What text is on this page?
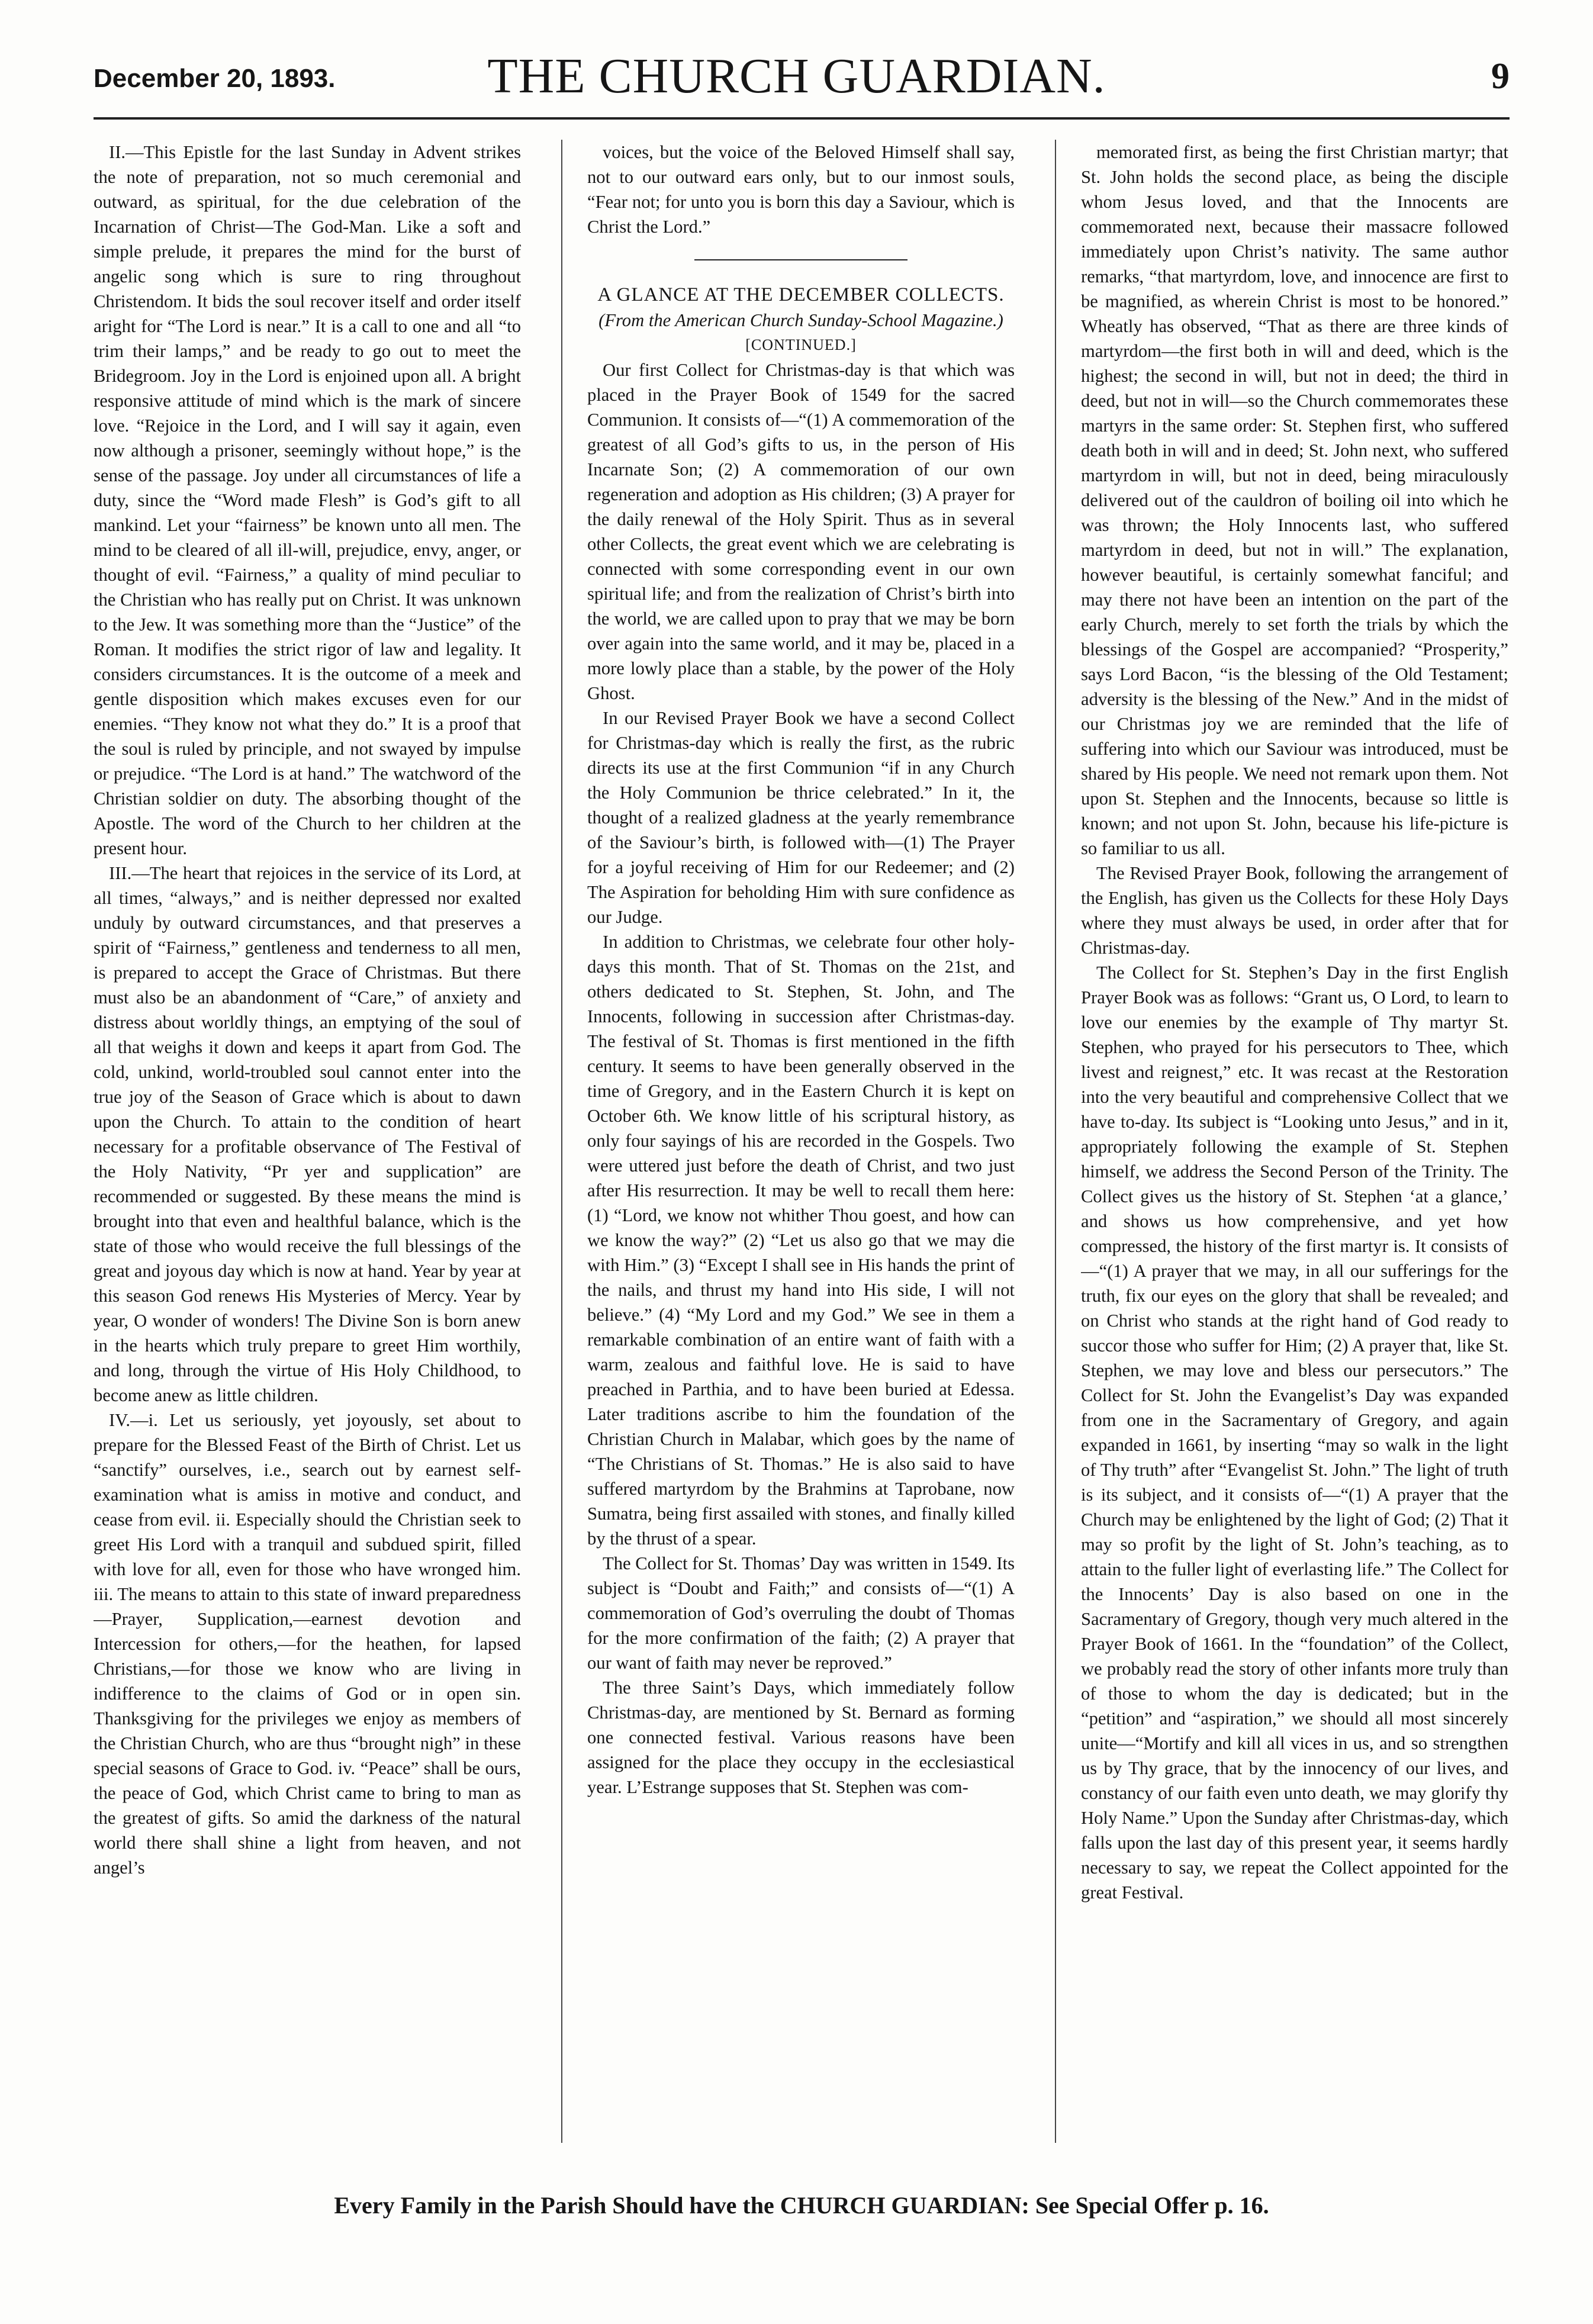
December 20, 1893.	THE CHURCH GUARDIAN.	9

II.—This Epistle for the last Sunday in Advent strikes the note of preparation, not so much ceremonial and outward, as spiritual, for the due celebration of the Incarnation of Christ—The God-Man. Like a soft and simple prelude, it prepares the mind for the burst of angelic song which is sure to ring throughout Christendom. It bids the soul recover itself and order itself aright for “The Lord is near.” It is a call to one and all “to trim their lamps,” and be ready to go out to meet the Bridegroom. Joy in the Lord is enjoined upon all. A bright responsive attitude of mind which is the mark of sincere love. “Rejoice in the Lord, and I will say it again, even now although a prisoner, seemingly without hope,” is the sense of the passage. Joy under all circumstances of life a duty, since the “Word made Flesh” is God’s gift to all mankind. Let your “fairness” be known unto all men. The mind to be cleared of all ill-will, prejudice, envy, anger, or thought of evil. “Fairness,” a quality of mind peculiar to the Christian who has really put on Christ. It was unknown to the Jew. It was something more than the “Justice” of the Roman. It modifies the strict rigor of law and legality. It considers circumstances. It is the outcome of a meek and gentle disposition which makes excuses even for our enemies. “They know not what they do.” It is a proof that the soul is ruled by principle, and not swayed by impulse or prejudice. “The Lord is at hand.” The watchword of the Christian soldier on duty. The absorbing thought of the Apostle. The word of the Church to her children at the present hour.

III.—The heart that rejoices in the service of its Lord, at all times, “always,” and is neither depressed nor exalted unduly by outward circumstances, and that preserves a spirit of “Fairness,” gentleness and tenderness to all men, is prepared to accept the Grace of Christmas. But there must also be an abandonment of “Care,” of anxiety and distress about worldly things, an emptying of the soul of all that weighs it down and keeps it apart from God. The cold, unkind, world-troubled soul cannot enter into the true joy of the Season of Grace which is about to dawn upon the Church. To attain to the condition of heart necessary for a profitable observance of The Festival of the Holy Nativity, “Pr yer and supplication” are recommended or suggested. By these means the mind is brought into that even and healthful balance, which is the state of those who would receive the full blessings of the great and joyous day which is now at hand. Year by year at this season God renews His Mysteries of Mercy. Year by year, O wonder of wonders! The Divine Son is born anew in the hearts which truly prepare to greet Him worthily, and long, through the virtue of His Holy Childhood, to become anew as little children.

IV.—i. Let us seriously, yet joyously, set about to prepare for the Blessed Feast of the Birth of Christ. Let us “sanctify” ourselves, i.e., search out by earnest self-examination what is amiss in motive and conduct, and cease from evil. ii. Especially should the Christian seek to greet His Lord with a tranquil and subdued spirit, filled with love for all, even for those who have wronged him. iii. The means to attain to this state of inward preparedness—Prayer, Supplication,—earnest devotion and Intercession for others,—for the heathen, for lapsed Christians,—for those we know who are living in indifference to the claims of God or in open sin. Thanksgiving for the privileges we enjoy as members of the Christian Church, who are thus “brought nigh” in these special seasons of Grace to God. iv. “Peace” shall be ours, the peace of God, which Christ came to bring to man as the greatest of gifts. So amid the darkness of the natural world there shall shine a light from heaven, and not angel’s

voices, but the voice of the Beloved Himself shall say, not to our outward ears only, but to our inmost souls, “Fear not; for unto you is born this day a Saviour, which is Christ the Lord.”

A GLANCE AT THE DECEMBER COLLECTS.

(From the American Church Sunday-School Magazine.)

[CONTINUED.]

Our first Collect for Christmas-day is that which was placed in the Prayer Book of 1549 for the sacred Communion. It consists of—“(1) A commemoration of the greatest of all God’s gifts to us, in the person of His Incarnate Son; (2) A commemoration of our own regeneration and adoption as His children; (3) A prayer for the daily renewal of the Holy Spirit. Thus as in several other Collects, the great event which we are celebrating is connected with some corresponding event in our own spiritual life; and from the realization of Christ’s birth into the world, we are called upon to pray that we may be born over again into the same world, and it may be, placed in a more lowly place than a stable, by the power of the Holy Ghost.

In our Revised Prayer Book we have a second Collect for Christmas-day which is really the first, as the rubric directs its use at the first Communion “if in any Church the Holy Communion be thrice celebrated.” In it, the thought of a realized gladness at the yearly remembrance of the Saviour’s birth, is followed with—(1) The Prayer for a joyful receiving of Him for our Redeemer; and (2) The Aspiration for beholding Him with sure confidence as our Judge.

In addition to Christmas, we celebrate four other holy-days this month. That of St. Thomas on the 21st, and others dedicated to St. Stephen, St. John, and The Innocents, following in succession after Christmas-day. The festival of St. Thomas is first mentioned in the fifth century. It seems to have been generally observed in the time of Gregory, and in the Eastern Church it is kept on October 6th. We know little of his scriptural history, as only four sayings of his are recorded in the Gospels. Two were uttered just before the death of Christ, and two just after His resurrection. It may be well to recall them here: (1) “Lord, we know not whither Thou goest, and how can we know the way?” (2) “Let us also go that we may die with Him.” (3) “Except I shall see in His hands the print of the nails, and thrust my hand into His side, I will not believe.” (4) “My Lord and my God.” We see in them a remarkable combination of an entire want of faith with a warm, zealous and faithful love. He is said to have preached in Parthia, and to have been buried at Edessa. Later traditions ascribe to him the foundation of the Christian Church in Malabar, which goes by the name of “The Christians of St. Thomas.” He is also said to have suffered martyrdom by the Brahmins at Taprobane, now Sumatra, being first assailed with stones, and finally killed by the thrust of a spear.

The Collect for St. Thomas’ Day was written in 1549. Its subject is “Doubt and Faith;” and consists of—“(1) A commemoration of God’s overruling the doubt of Thomas for the more confirmation of the faith; (2) A prayer that our want of faith may never be reproved.”

The three Saint’s Days, which immediately follow Christmas-day, are mentioned by St. Bernard as forming one connected festival. Various reasons have been assigned for the place they occupy in the ecclesiastical year. L’Estrange supposes that St. Stephen was com-

memorated first, as being the first Christian martyr; that St. John holds the second place, as being the disciple whom Jesus loved, and that the Innocents are commemorated next, because their massacre followed immediately upon Christ’s nativity. The same author remarks, “that martyrdom, love, and innocence are first to be magnified, as wherein Christ is most to be honored.” Wheatly has observed, “That as there are three kinds of martyrdom—the first both in will and deed, which is the highest; the second in will, but not in deed; the third in deed, but not in will—so the Church commemorates these martyrs in the same order: St. Stephen first, who suffered death both in will and in deed; St. John next, who suffered martyrdom in will, but not in deed, being miraculously delivered out of the cauldron of boiling oil into which he was thrown; the Holy Innocents last, who suffered martyrdom in deed, but not in will.” The explanation, however beautiful, is certainly somewhat fanciful; and may there not have been an intention on the part of the early Church, merely to set forth the trials by which the blessings of the Gospel are accompanied? “Prosperity,” says Lord Bacon, “is the blessing of the Old Testament; adversity is the blessing of the New.” And in the midst of our Christmas joy we are reminded that the life of suffering into which our Saviour was introduced, must be shared by His people. We need not remark upon them. Not upon St. Stephen and the Innocents, because so little is known; and not upon St. John, because his life-picture is so familiar to us all.

The Revised Prayer Book, following the arrangement of the English, has given us the Collects for these Holy Days where they must always be used, in order after that for Christmas-day.

The Collect for St. Stephen’s Day in the first English Prayer Book was as follows: “Grant us, O Lord, to learn to love our enemies by the example of Thy martyr St. Stephen, who prayed for his persecutors to Thee, which livest and reignest,” etc. It was recast at the Restoration into the very beautiful and comprehensive Collect that we have to-day. Its subject is “Looking unto Jesus,” and in it, appropriately following the example of St. Stephen himself, we address the Second Person of the Trinity. The Collect gives us the history of St. Stephen ‘at a glance,’ and shows us how comprehensive, and yet how compressed, the history of the first martyr is. It consists of—“(1) A prayer that we may, in all our sufferings for the truth, fix our eyes on the glory that shall be revealed; and on Christ who stands at the right hand of God ready to succor those who suffer for Him; (2) A prayer that, like St. Stephen, we may love and bless our persecutors.” The Collect for St. John the Evangelist’s Day was expanded from one in the Sacramentary of Gregory, and again expanded in 1661, by inserting “may so walk in the light of Thy truth” after “Evangelist St. John.” The light of truth is its subject, and it consists of—“(1) A prayer that the Church may be enlightened by the light of God; (2) That it may so profit by the light of St. John’s teaching, as to attain to the fuller light of everlasting life.” The Collect for the Innocents’ Day is also based on one in the Sacramentary of Gregory, though very much altered in the Prayer Book of 1661. In the “foundation” of the Collect, we probably read the story of other infants more truly than of those to whom the day is dedicated; but in the “petition” and “aspiration,” we should all most sincerely unite—“Mortify and kill all vices in us, and so strengthen us by Thy grace, that by the innocency of our lives, and constancy of our faith even unto death, we may glorify thy Holy Name.” Upon the Sunday after Christmas-day, which falls upon the last day of this present year, it seems hardly necessary to say, we repeat the Collect appointed for the great Festival.

Every Family in the Parish Should have the CHURCH GUARDIAN: See Special Offer p. 16.
